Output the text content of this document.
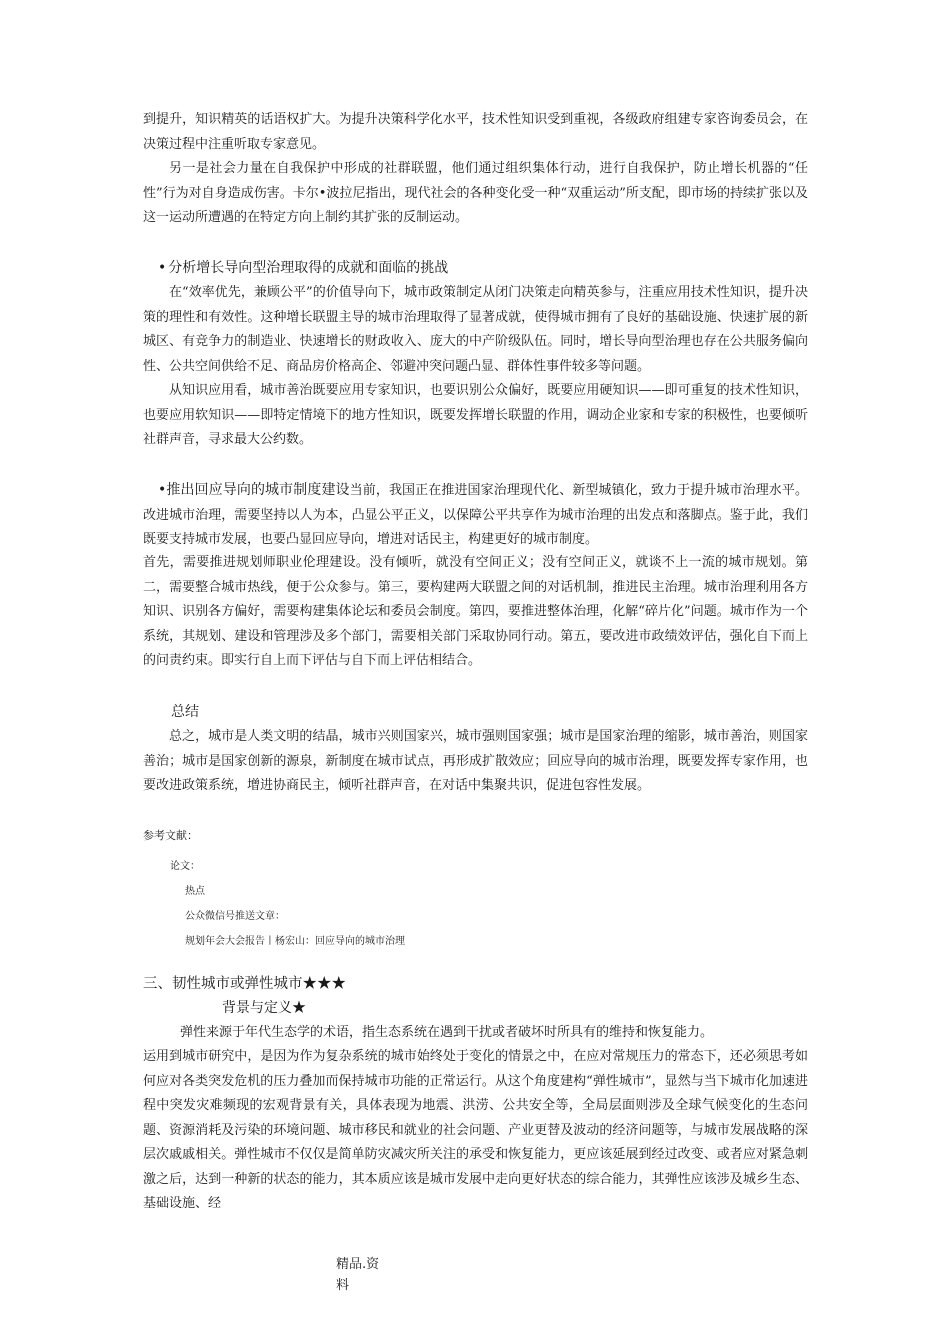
到提升，知识精英的话语权扩大。为提升决策科学化水平，技术性知识受到重视，各级政府组建专家咨询委员会，在决策过程中注重听取专家意见。

另一是社会力量在自我保护中形成的社群联盟，他们通过组织集体行动，进行自我保护，防止增长机器的“任性”行为对自身造成伤害。卡尔•波拉尼指出，现代社会的各种变化受一种“双重运动”所支配，即市场的持续扩张以及这一运动所遭遇的在特定方向上制约其扩张的反制运动。

• 分析增长导向型治理取得的成就和面临的挑战

在“效率优先，兼顾公平”的价值导向下，城市政策制定从闭门决策走向精英参与，注重应用技术性知识，提升决策的理性和有效性。这种增长联盟主导的城市治理取得了显著成就，使得城市拥有了良好的基础设施、快速扩展的新城区、有竞争力的制造业、快速增长的财政收入、庞大的中产阶级队伍。同时，增长导向型治理也存在公共服务偏向性、公共空间供给不足、商品房价格高企、邻避冲突问题凸显、群体性事件较多等问题。

从知识应用看，城市善治既要应用专家知识，也要识别公众偏好，既要应用硬知识——即可重复的技术性知识，也要应用软知识——即特定情境下的地方性知识，既要发挥增长联盟的作用，调动企业家和专家的积极性，也要倾听社群声音，寻求最大公约数。

•推出回应导向的城市制度建设当前，我国正在推进国家治理现代化、新型城镇化，致力于提升城市治理水平。改进城市治理，需要坚持以人为本，凸显公平正义，以保障公平共享作为城市治理的出发点和落脚点。鉴于此，我们既要支持城市发展，也要凸显回应导向，增进对话民主，构建更好的城市制度。

首先，需要推进规划师职业伦理建设。没有倾听，就没有空间正义；没有空间正义，就谈不上一流的城市规划。第二，需要整合城市热线，便于公众参与。第三，要构建两大联盟之间的对话机制，推进民主治理。城市治理利用各方知识、识别各方偏好，需要构建集体论坛和委员会制度。第四，要推进整体治理，化解“碎片化”问题。城市作为一个系统，其规划、建设和管理涉及多个部门，需要相关部门采取协同行动。第五，要改进市政绩效评估，强化自下而上的问责约束。即实行自上而下评估与自下而上评估相结合。

总结

总之，城市是人类文明的结晶，城市兴则国家兴，城市强则国家强；城市是国家治理的缩影，城市善治，则国家善治；城市是国家创新的源泉，新制度在城市试点，再形成扩散效应；回应导向的城市治理，既要发挥专家作用，也要改进政策系统，增进协商民主，倾听社群声音，在对话中集聚共识，促进包容性发展。

参考文献：

论文：

热点

公众微信号推送文章：

规划年会大会报告丨杨宏山：回应导向的城市治理

三、韧性城市或弹性城市★★★

背景与定义★

弹性来源于年代生态学的术语，指生态系统在遇到干扰或者破坏时所具有的维持和恢复能力。

运用到城市研究中，是因为作为复杂系统的城市始终处于变化的情景之中，在应对常规压力的常态下，还必须思考如何应对各类突发危机的压力叠加而保持城市功能的正常运行。从这个角度建构“弹性城市”，显然与当下城市化加速进程中突发灾难频现的宏观背景有关，具体表现为地震、洪涝、公共安全等，全局层面则涉及全球气候变化的生态问题、资源消耗及污染的环境问题、城市移民和就业的社会问题、产业更替及波动的经济问题等，与城市发展战略的深层次戚戚相关。弹性城市不仅仅是简单防灾减灾所关注的承受和恢复能力，更应该延展到经过改变、或者应对紧急刺激之后，达到一种新的状态的能力，其本质应该是城市发展中走向更好状态的综合能力，其弹性应该涉及城乡生态、基础设施、经

精品.资料
